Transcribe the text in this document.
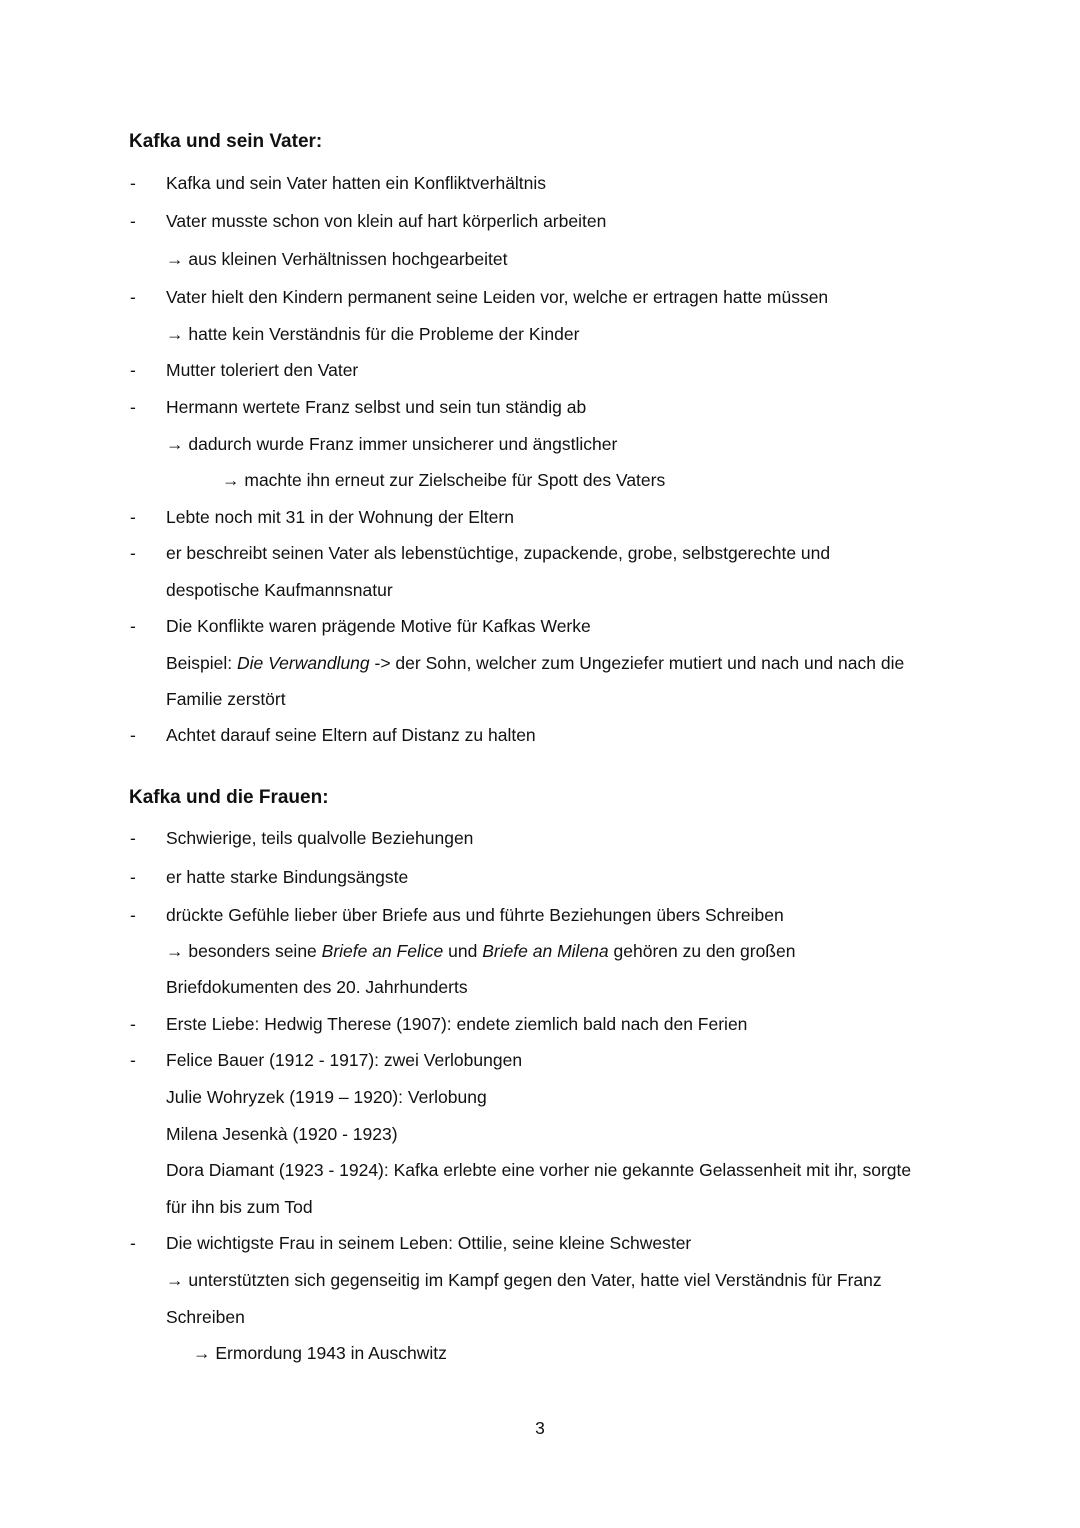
Kafka und sein Vater:
- Kafka und sein Vater hatten ein Konfliktverhältnis
- Vater musste schon von klein auf hart körperlich arbeiten
→ aus kleinen Verhältnissen hochgearbeitet
- Vater hielt den Kindern permanent seine Leiden vor, welche er ertragen hatte müssen
→ hatte kein Verständnis für die Probleme der Kinder
- Mutter toleriert den Vater
- Hermann wertete Franz selbst und sein tun ständig ab
→ dadurch wurde Franz immer unsicherer und ängstlicher
→ machte ihn erneut zur Zielscheibe für Spott des Vaters
- Lebte noch mit 31 in der Wohnung der Eltern
- er beschreibt seinen Vater als lebenstüchtige, zupackende, grobe, selbstgerechte und
despotische Kaufmannsnatur
- Die Konflikte waren prägende Motive für Kafkas Werke
Beispiel: Die Verwandlung -> der Sohn, welcher zum Ungeziefer mutiert und nach und nach die
Familie zerstört
- Achtet darauf seine Eltern auf Distanz zu halten
Kafka und die Frauen:
- Schwierige, teils qualvolle Beziehungen
- er hatte starke Bindungsängste
- drückte Gefühle lieber über Briefe aus und führte Beziehungen übers Schreiben
→ besonders seine Briefe an Felice und Briefe an Milena gehören zu den großen
Briefdokumenten des 20. Jahrhunderts
- Erste Liebe: Hedwig Therese (1907): endete ziemlich bald nach den Ferien
- Felice Bauer (1912 - 1917): zwei Verlobungen
Julie Wohryzek (1919 – 1920): Verlobung
Milena Jesenkà (1920 - 1923)
Dora Diamant (1923 - 1924): Kafka erlebte eine vorher nie gekannte Gelassenheit mit ihr, sorgte
für ihn bis zum Tod
- Die wichtigste Frau in seinem Leben: Ottilie, seine kleine Schwester
→ unterstützten sich gegenseitig im Kampf gegen den Vater, hatte viel Verständnis für Franz
Schreiben
→ Ermordung 1943 in Auschwitz
3
